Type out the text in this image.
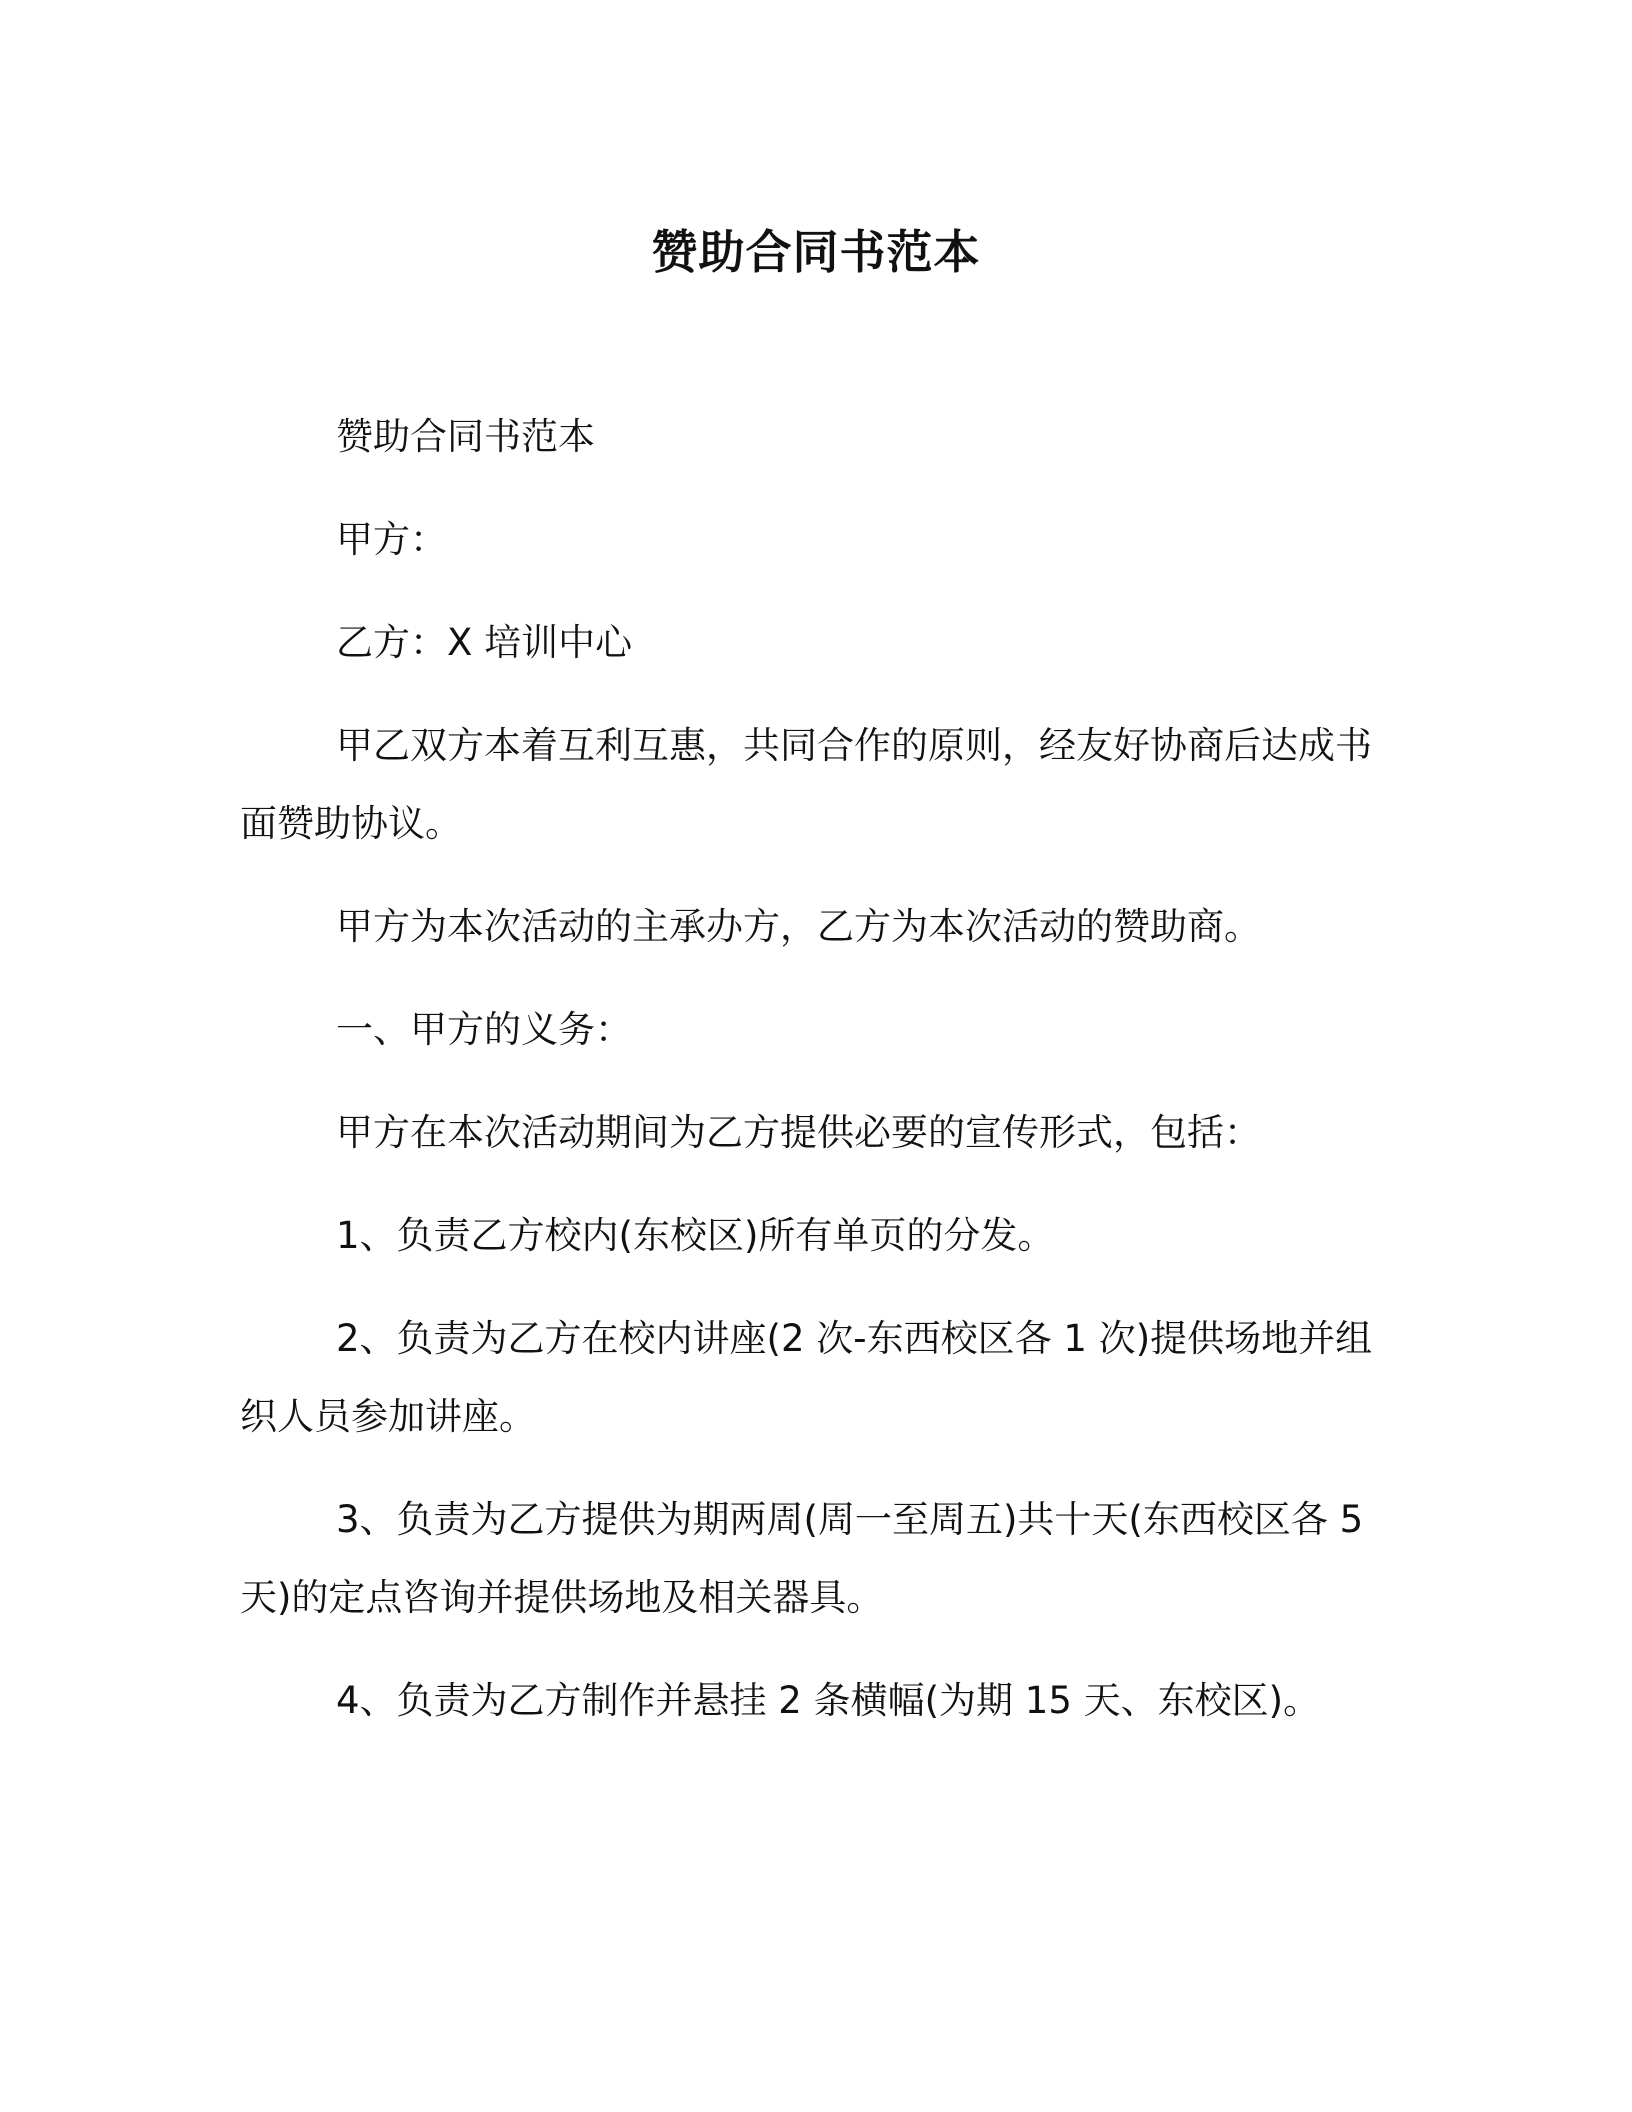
赞助合同书范本

赞助合同书范本

甲方：

乙方：X 培训中心

甲乙双方本着互利互惠，共同合作的原则，经友好协商后达成书面赞助协议。

甲方为本次活动的主承办方，乙方为本次活动的赞助商。

一、甲方的义务：

甲方在本次活动期间为乙方提供必要的宣传形式，包括：

1、负责乙方校内(东校区)所有单页的分发。

2、负责为乙方在校内讲座(2 次-东西校区各 1 次)提供场地并组织人员参加讲座。

3、负责为乙方提供为期两周(周一至周五)共十天(东西校区各 5 天)的定点咨询并提供场地及相关器具。

4、负责为乙方制作并悬挂 2 条横幅(为期 15 天、东校区)。
